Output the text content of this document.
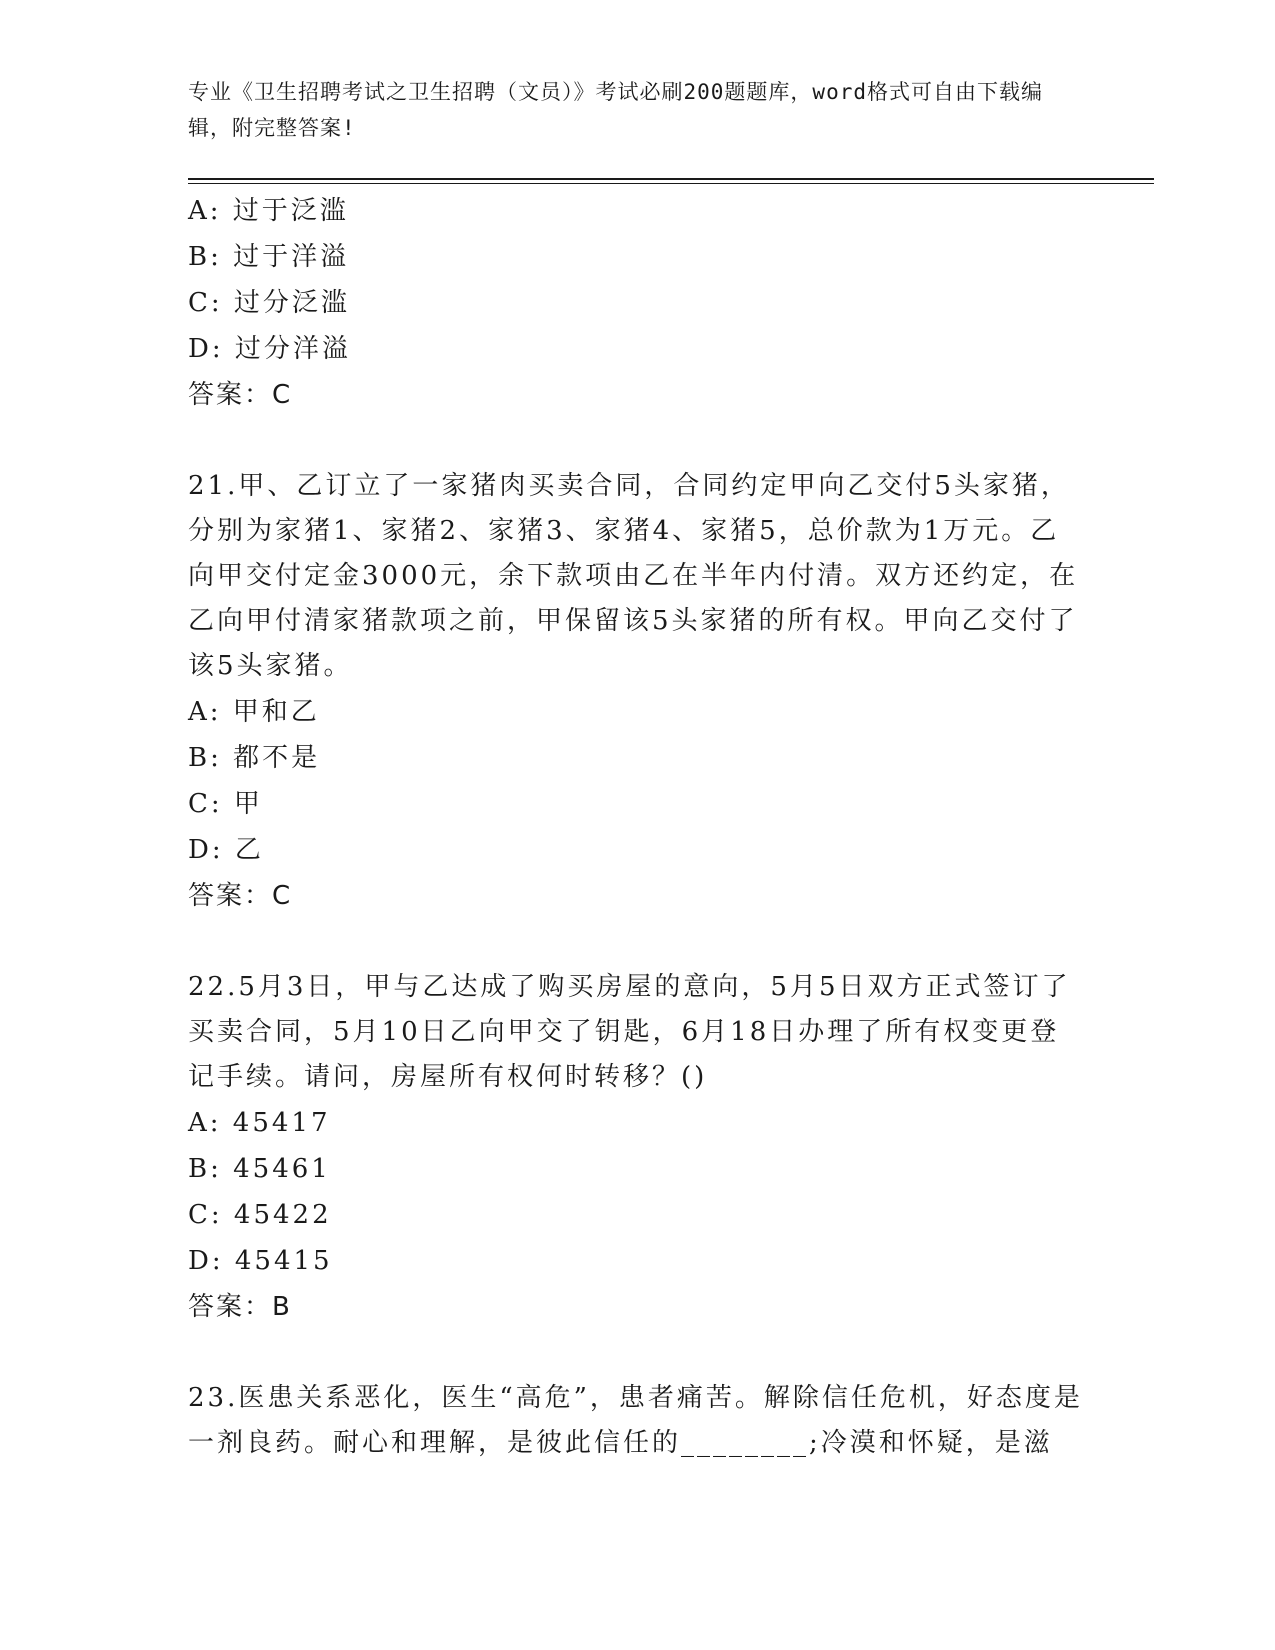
专业《卫生招聘考试之卫生招聘（文员）》考试必刷200题题库，word格式可自由下载编辑，附完整答案!
A: 过于泛滥
B: 过于洋溢
C: 过分泛滥
D: 过分洋溢
答案：C
21.甲、乙订立了一家猪肉买卖合同，合同约定甲向乙交付5头家猪，分别为家猪1、家猪2、家猪3、家猪4、家猪5，总价款为1万元。乙向甲交付定金3000元，余下款项由乙在半年内付清。双方还约定，在乙向甲付清家猪款项之前，甲保留该5头家猪的所有权。甲向乙交付了该5头家猪。
A: 甲和乙
B: 都不是
C: 甲
D: 乙
答案：C
22.5月3日，甲与乙达成了购买房屋的意向，5月5日双方正式签订了买卖合同，5月10日乙向甲交了钥匙，6月18日办理了所有权变更登记手续。请问，房屋所有权何时转移？()
A: 45417
B: 45461
C: 45422
D: 45415
答案：B
23.医患关系恶化，医生“高危”，患者痛苦。解除信任危机，好态度是一剂良药。耐心和理解，是彼此信任的________;冷漠和怀疑，是滋
